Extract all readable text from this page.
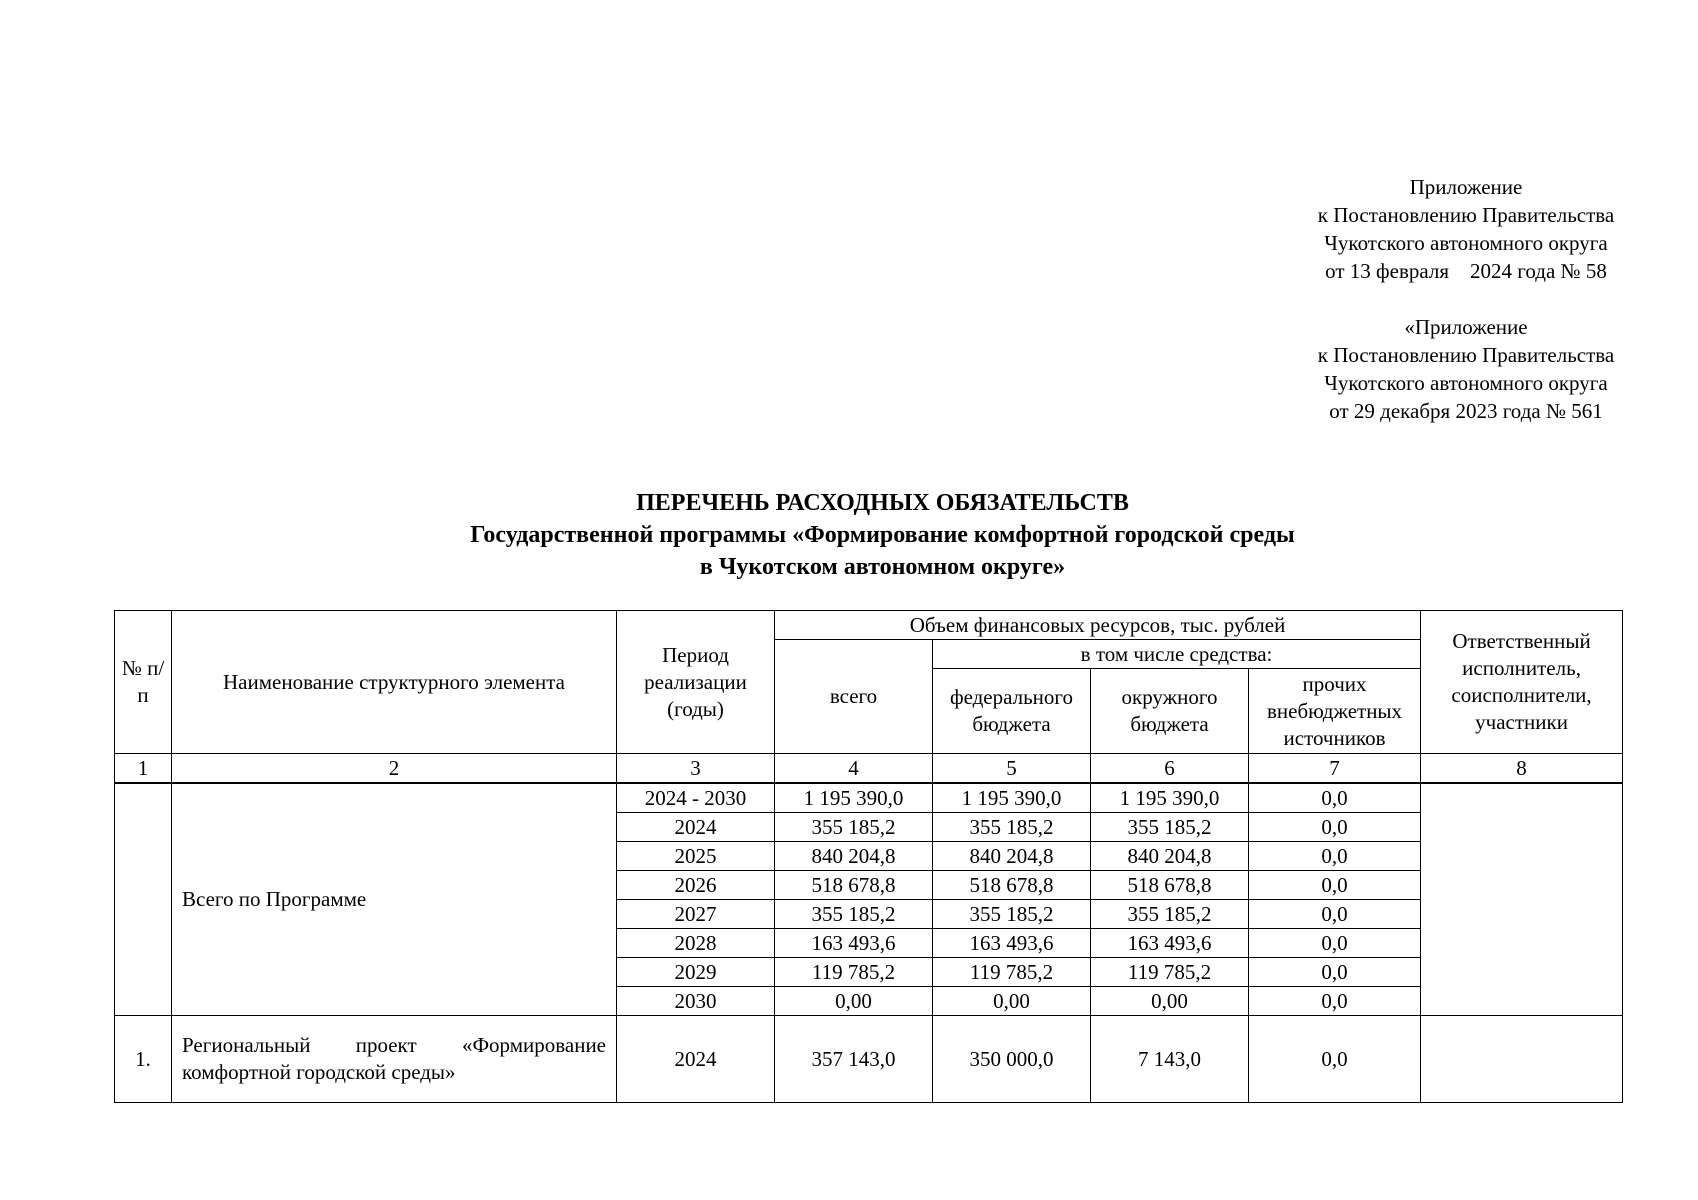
Приложение
к Постановлению Правительства
Чукотского автономного округа
от 13 февраля    2024 года № 58
«Приложение
к Постановлению Правительства
Чукотского автономного округа
от 29 декабря 2023 года № 561
ПЕРЕЧЕНЬ РАСХОДНЫХ ОБЯЗАТЕЛЬСТВ
Государственной программы «Формирование комфортной городской среды
в Чукотском автономном округе»
№ п/п	Наименование структурного элемента	Период реализации (годы)	Объем финансовых ресурсов, тыс. рублей				Ответственный исполнитель, соисполнители, участники
			всего	в том числе средства:			
				федерального бюджета	окружного бюджета	прочих внебюджетных источников	
1	2	3	4	5	6	7	8
	Всего по Программе	2024 - 2030	1 195 390,0	1 195 390,0	1 195 390,0	0,0	
		2024	355 185,2	355 185,2	355 185,2	0,0	
		2025	840 204,8	840 204,8	840 204,8	0,0	
		2026	518 678,8	518 678,8	518 678,8	0,0	
		2027	355 185,2	355 185,2	355 185,2	0,0	
		2028	163 493,6	163 493,6	163 493,6	0,0	
		2029	119 785,2	119 785,2	119 785,2	0,0	
		2030	0,00	0,00	0,00	0,0	
1.	Региональный проект «Формирование комфортной городской среды»	2024	357 143,0	350 000,0	7 143,0	0,0	
